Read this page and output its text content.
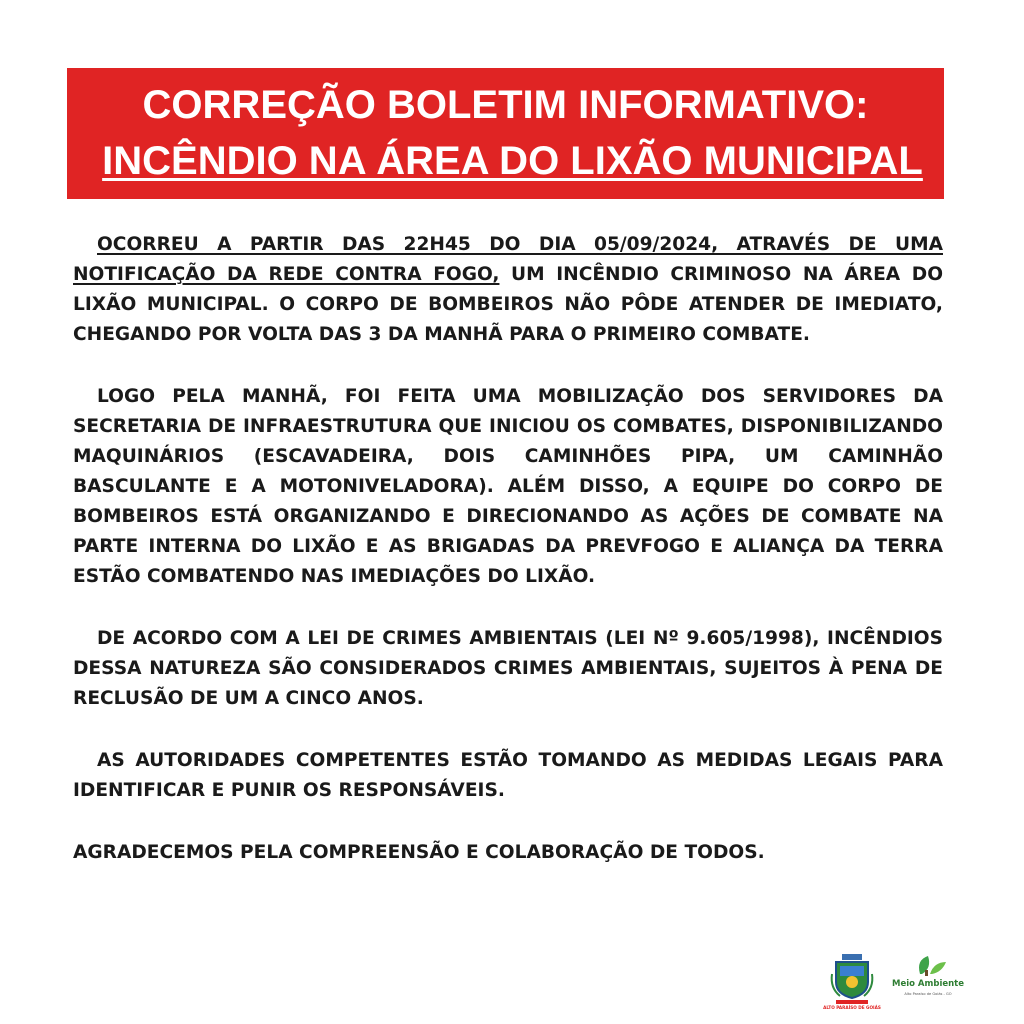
CORREÇÃO BOLETIM INFORMATIVO:
INCÊNDIO NA ÁREA DO LIXÃO MUNICIPAL

OCORREU A PARTIR DAS 22H45 DO DIA 05/09/2024, ATRAVÉS DE UMA NOTIFICAÇÃO DA REDE CONTRA FOGO, UM INCÊNDIO CRIMINOSO NA ÁREA DO LIXÃO MUNICIPAL. O CORPO DE BOMBEIROS NÃO PÔDE ATENDER DE IMEDIATO, CHEGANDO POR VOLTA DAS 3 DA MANHÃ PARA O PRIMEIRO COMBATE.

LOGO PELA MANHÃ, FOI FEITA UMA MOBILIZAÇÃO DOS SERVIDORES DA SECRETARIA DE INFRAESTRUTURA QUE INICIOU OS COMBATES, DISPONIBILIZANDO MAQUINÁRIOS (ESCAVADEIRA, DOIS CAMINHÕES PIPA, UM CAMINHÃO BASCULANTE E A MOTONIVELADORA). ALÉM DISSO, A EQUIPE DO CORPO DE BOMBEIROS ESTÁ ORGANIZANDO E DIRECIONANDO AS AÇÕES DE COMBATE NA PARTE INTERNA DO LIXÃO E AS BRIGADAS DA PREVFOGO E ALIANÇA DA TERRA ESTÃO COMBATENDO NAS IMEDIAÇÕES DO LIXÃO.

DE ACORDO COM A LEI DE CRIMES AMBIENTAIS (LEI Nº 9.605/1998), INCÊNDIOS DESSA NATUREZA SÃO CONSIDERADOS CRIMES AMBIENTAIS, SUJEITOS À PENA DE RECLUSÃO DE UM A CINCO ANOS.

AS AUTORIDADES COMPETENTES ESTÃO TOMANDO AS MEDIDAS LEGAIS PARA IDENTIFICAR E PUNIR OS RESPONSÁVEIS.

AGRADECEMOS PELA COMPREENSÃO E COLABORAÇÃO DE TODOS.

ALTO PARAÍSO DE GOIÁS
Meio Ambiente
Alto Paraíso de Goiás - GO
